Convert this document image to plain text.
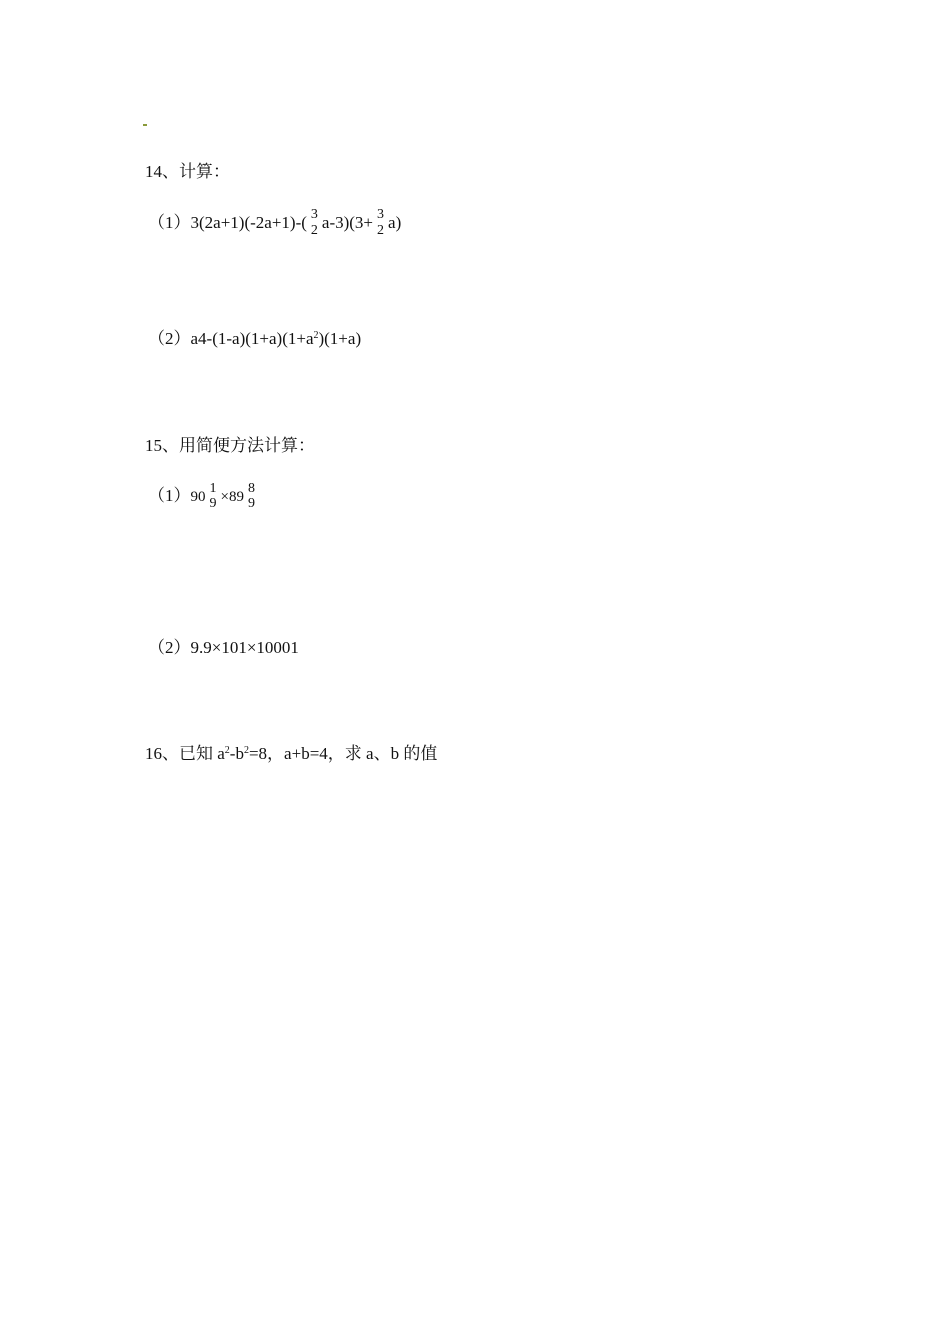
14、计算：
（1）3(2a+1)(-2a+1)-( 3
2 a-3)(3+ 3
2 a)
$(2)a4-(1-a)(1+a)(1+a^2)(1+a)$
15、用简便方法计算：
（1）90
1
9 ×89
8
9
（2）9.9×101×10001
16、已知 $a^2-b^2=8$，a+b=4，求 a、b 的值
